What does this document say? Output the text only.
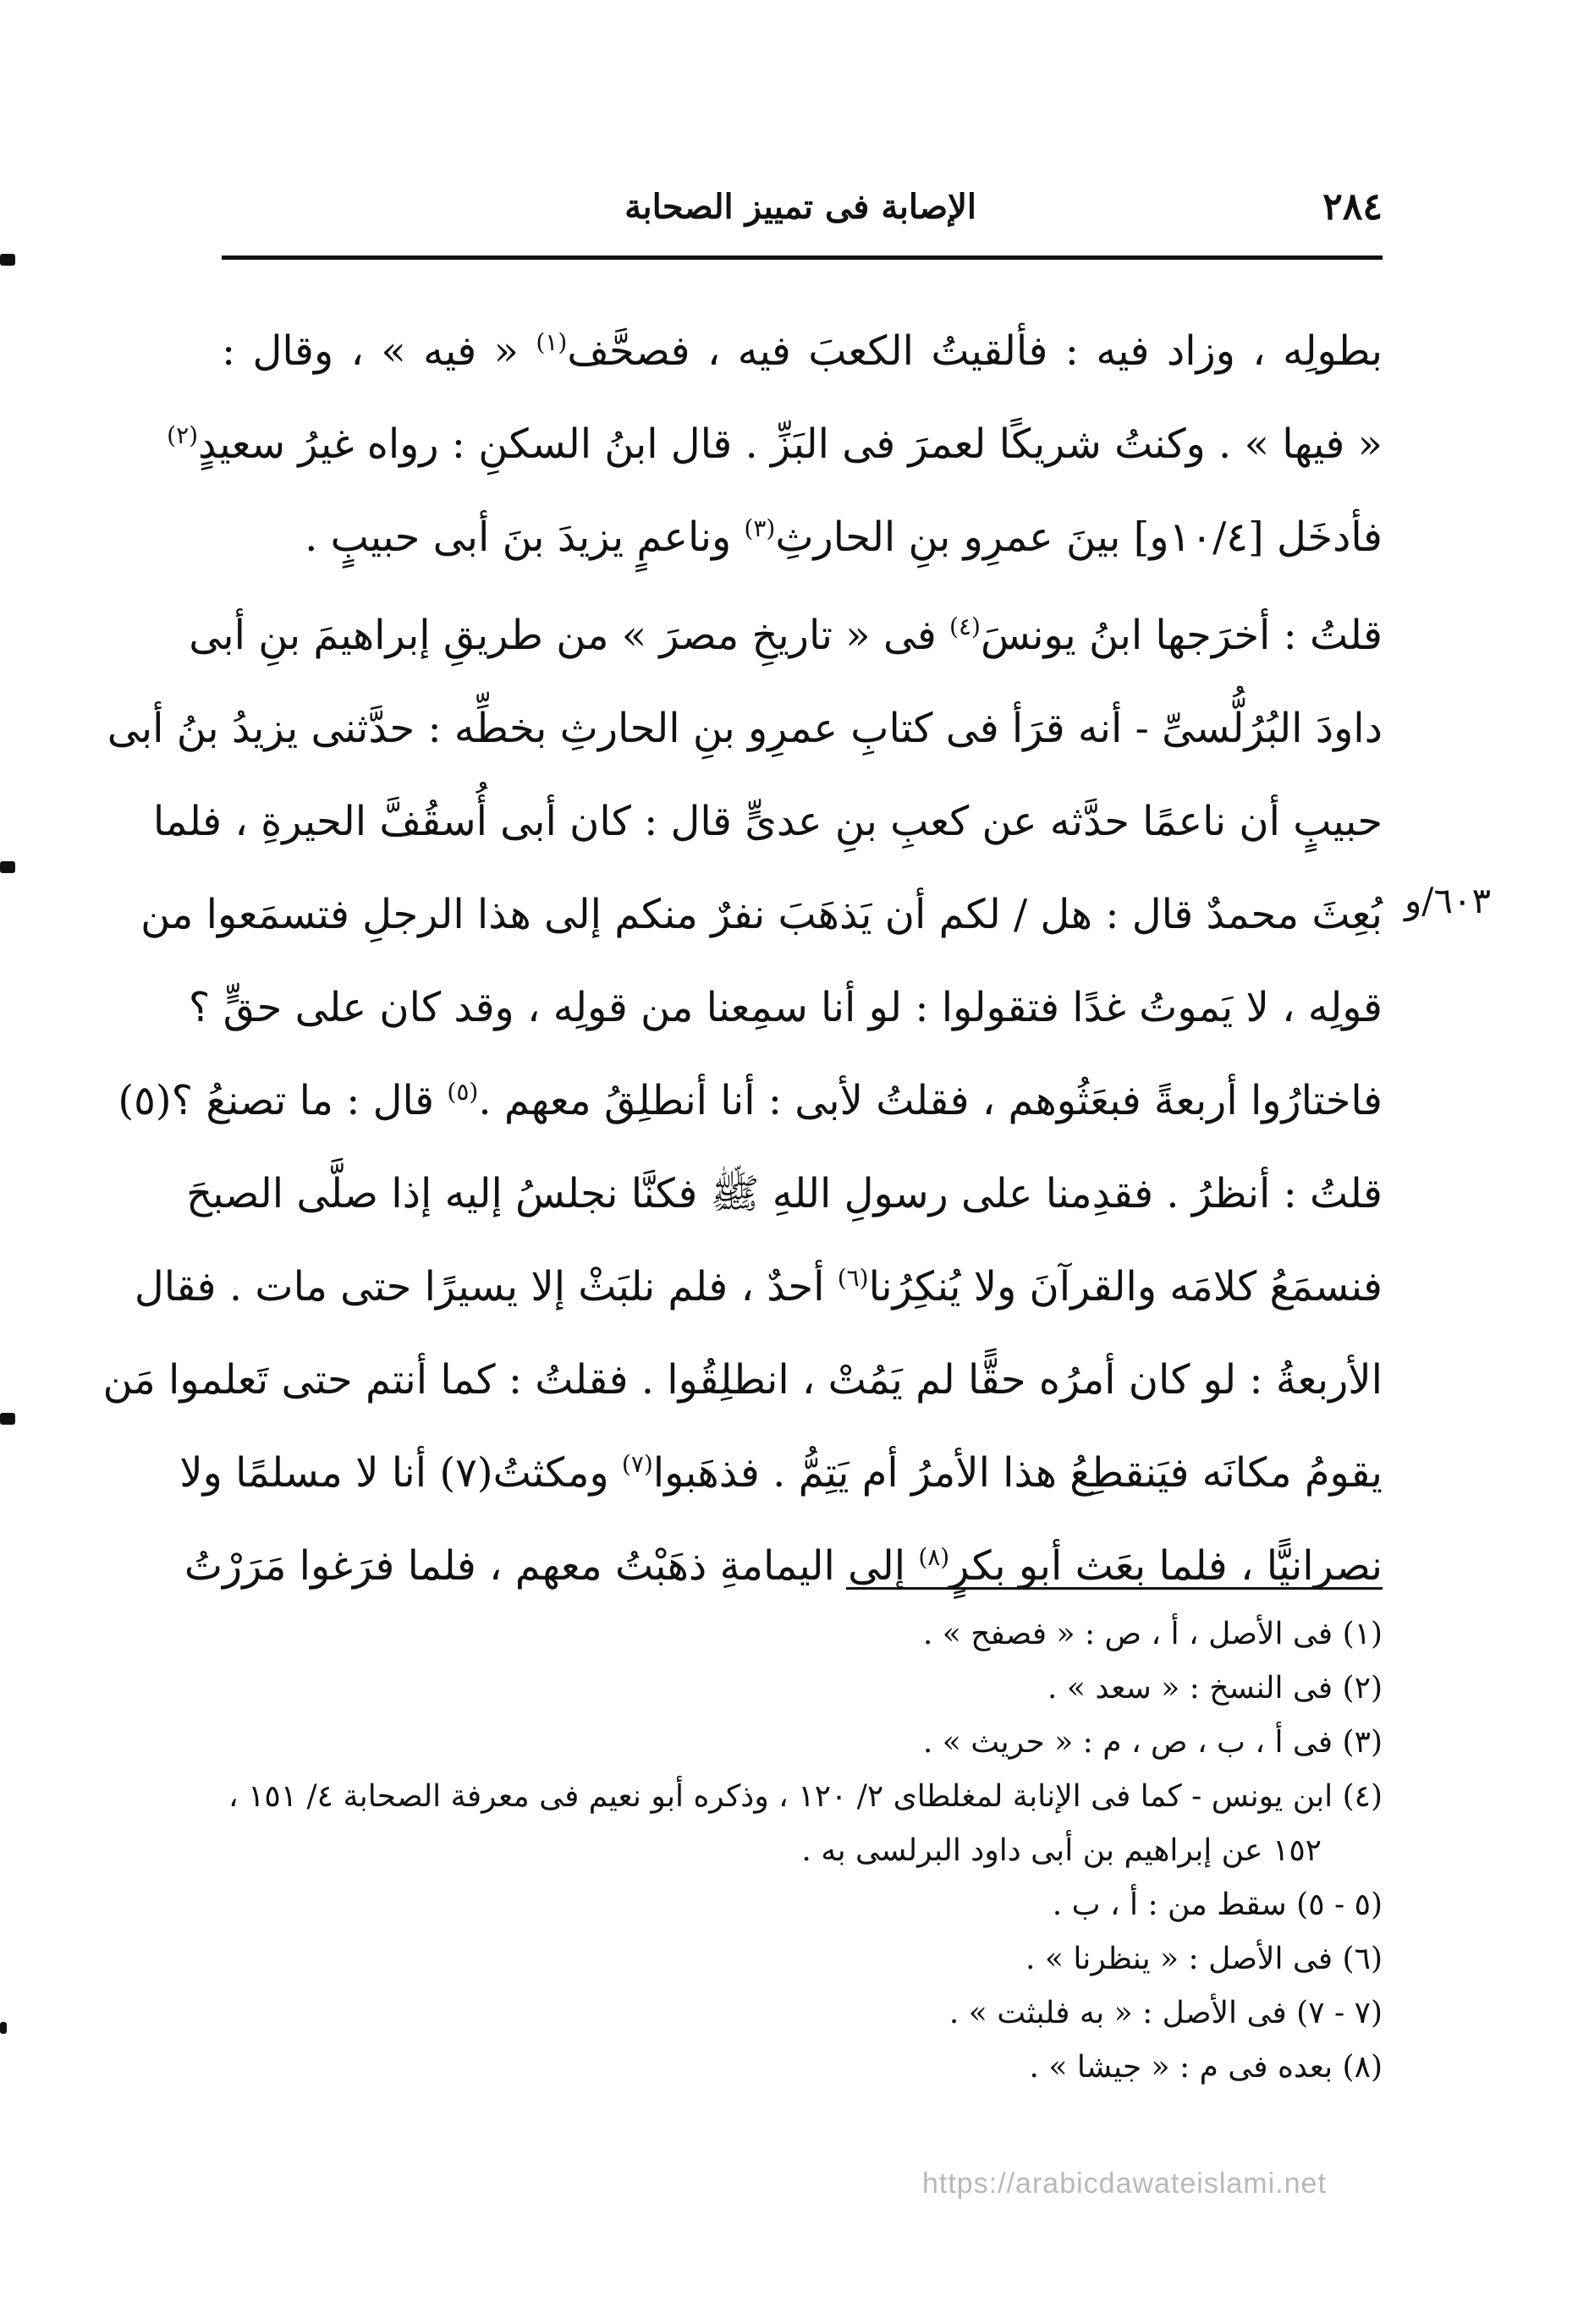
٢٨٤
الإصابة فى تمييز الصحابة
٦٠٣/و
بطولِه ، وزاد فيه : فألقيتُ الكعبَ فيه ، فصحَّف$^{(١)}$ « فيه » ، وقال :
« فيها » . وكنتُ شريكًا لعمرَ فى البَزِّ . قال ابنُ السكنِ : رواه غيرُ سعيدٍ$^{(٢)}$
فأدخَل [١٠/٤و] بينَ عمرِو بنِ الحارثِ$^{(٣)}$ وناعمٍ يزيدَ بنَ أبى حبيبٍ .
قلتُ : أخرَجها ابنُ يونسَ$^{(٤)}$ فى « تاريخِ مصرَ » من طريقِ إبراهيمَ بنِ أبى
داودَ البُرُلُّسىِّ - أنه قرَأ فى كتابِ عمرِو بنِ الحارثِ بخطِّه : حدَّثنى يزيدُ بنُ أبى
حبيبٍ أن ناعمًا حدَّثه عن كعبِ بنِ عدىٍّ قال : كان أبى أُسقُفَّ الحيرةِ ، فلما
بُعِثَ محمدٌ قال : هل / لكم أن يَذهَبَ نفرٌ منكم إلى هذا الرجلِ فتسمَعوا من
قولِه ، لا يَموتُ غدًا فتقولوا : لو أنا سمِعنا من قولِه ، وقد كان على حقٍّ ؟
فاختارُوا أربعةً فبعَثُوهم ، فقلتُ لأبى : أنا أنطلِقُ معهم .$^{(٥)}$ قال : ما تصنعُ ؟(٥)
قلتُ : أنظرُ . فقدِمنا على رسولِ اللهِ ﷺ فكنَّا نجلسُ إليه إذا صلَّى الصبحَ
فنسمَعُ كلامَه والقرآنَ ولا يُنكِرُنا$^{(٦)}$ أحدٌ ، فلم نلبَثْ إلا يسيرًا حتى مات . فقال
الأربعةُ : لو كان أمرُه حقًّا لم يَمُتْ ، انطلِقُوا . فقلتُ : كما أنتم حتى تَعلموا مَن
يقومُ مكانَه فيَنقطِعُ هذا الأمرُ أم يَتِمُّ . فذهَبوا$^{(٧)}$ ومكثتُ(٧) أنا لا مسلمًا ولا
نصرانيًّا ، فلما بعَث أبو بكرٍ$^{(٨)}$ إلى اليمامةِ ذهَبْتُ معهم ، فلما فرَغوا مَرَرْتُ
(١) فى الأصل ، أ ، ص : « فصفح » .
(٢) فى النسخ : « سعد » .
(٣) فى أ ، ب ، ص ، م : « حريث » .
(٤) ابن يونس - كما فى الإنابة لمغلطاى ٢/ ١٢٠ ، وذكره أبو نعيم فى معرفة الصحابة ٤/ ١٥١ ،
١٥٢ عن إبراهيم بن أبى داود البرلسى به .
(٥ - ٥) سقط من : أ ، ب .
(٦) فى الأصل : « ينظرنا » .
(٧ - ٧) فى الأصل : « به فلبثت » .
(٨) بعده فى م : « جيشا » .
https://arabicdawateislami.net
